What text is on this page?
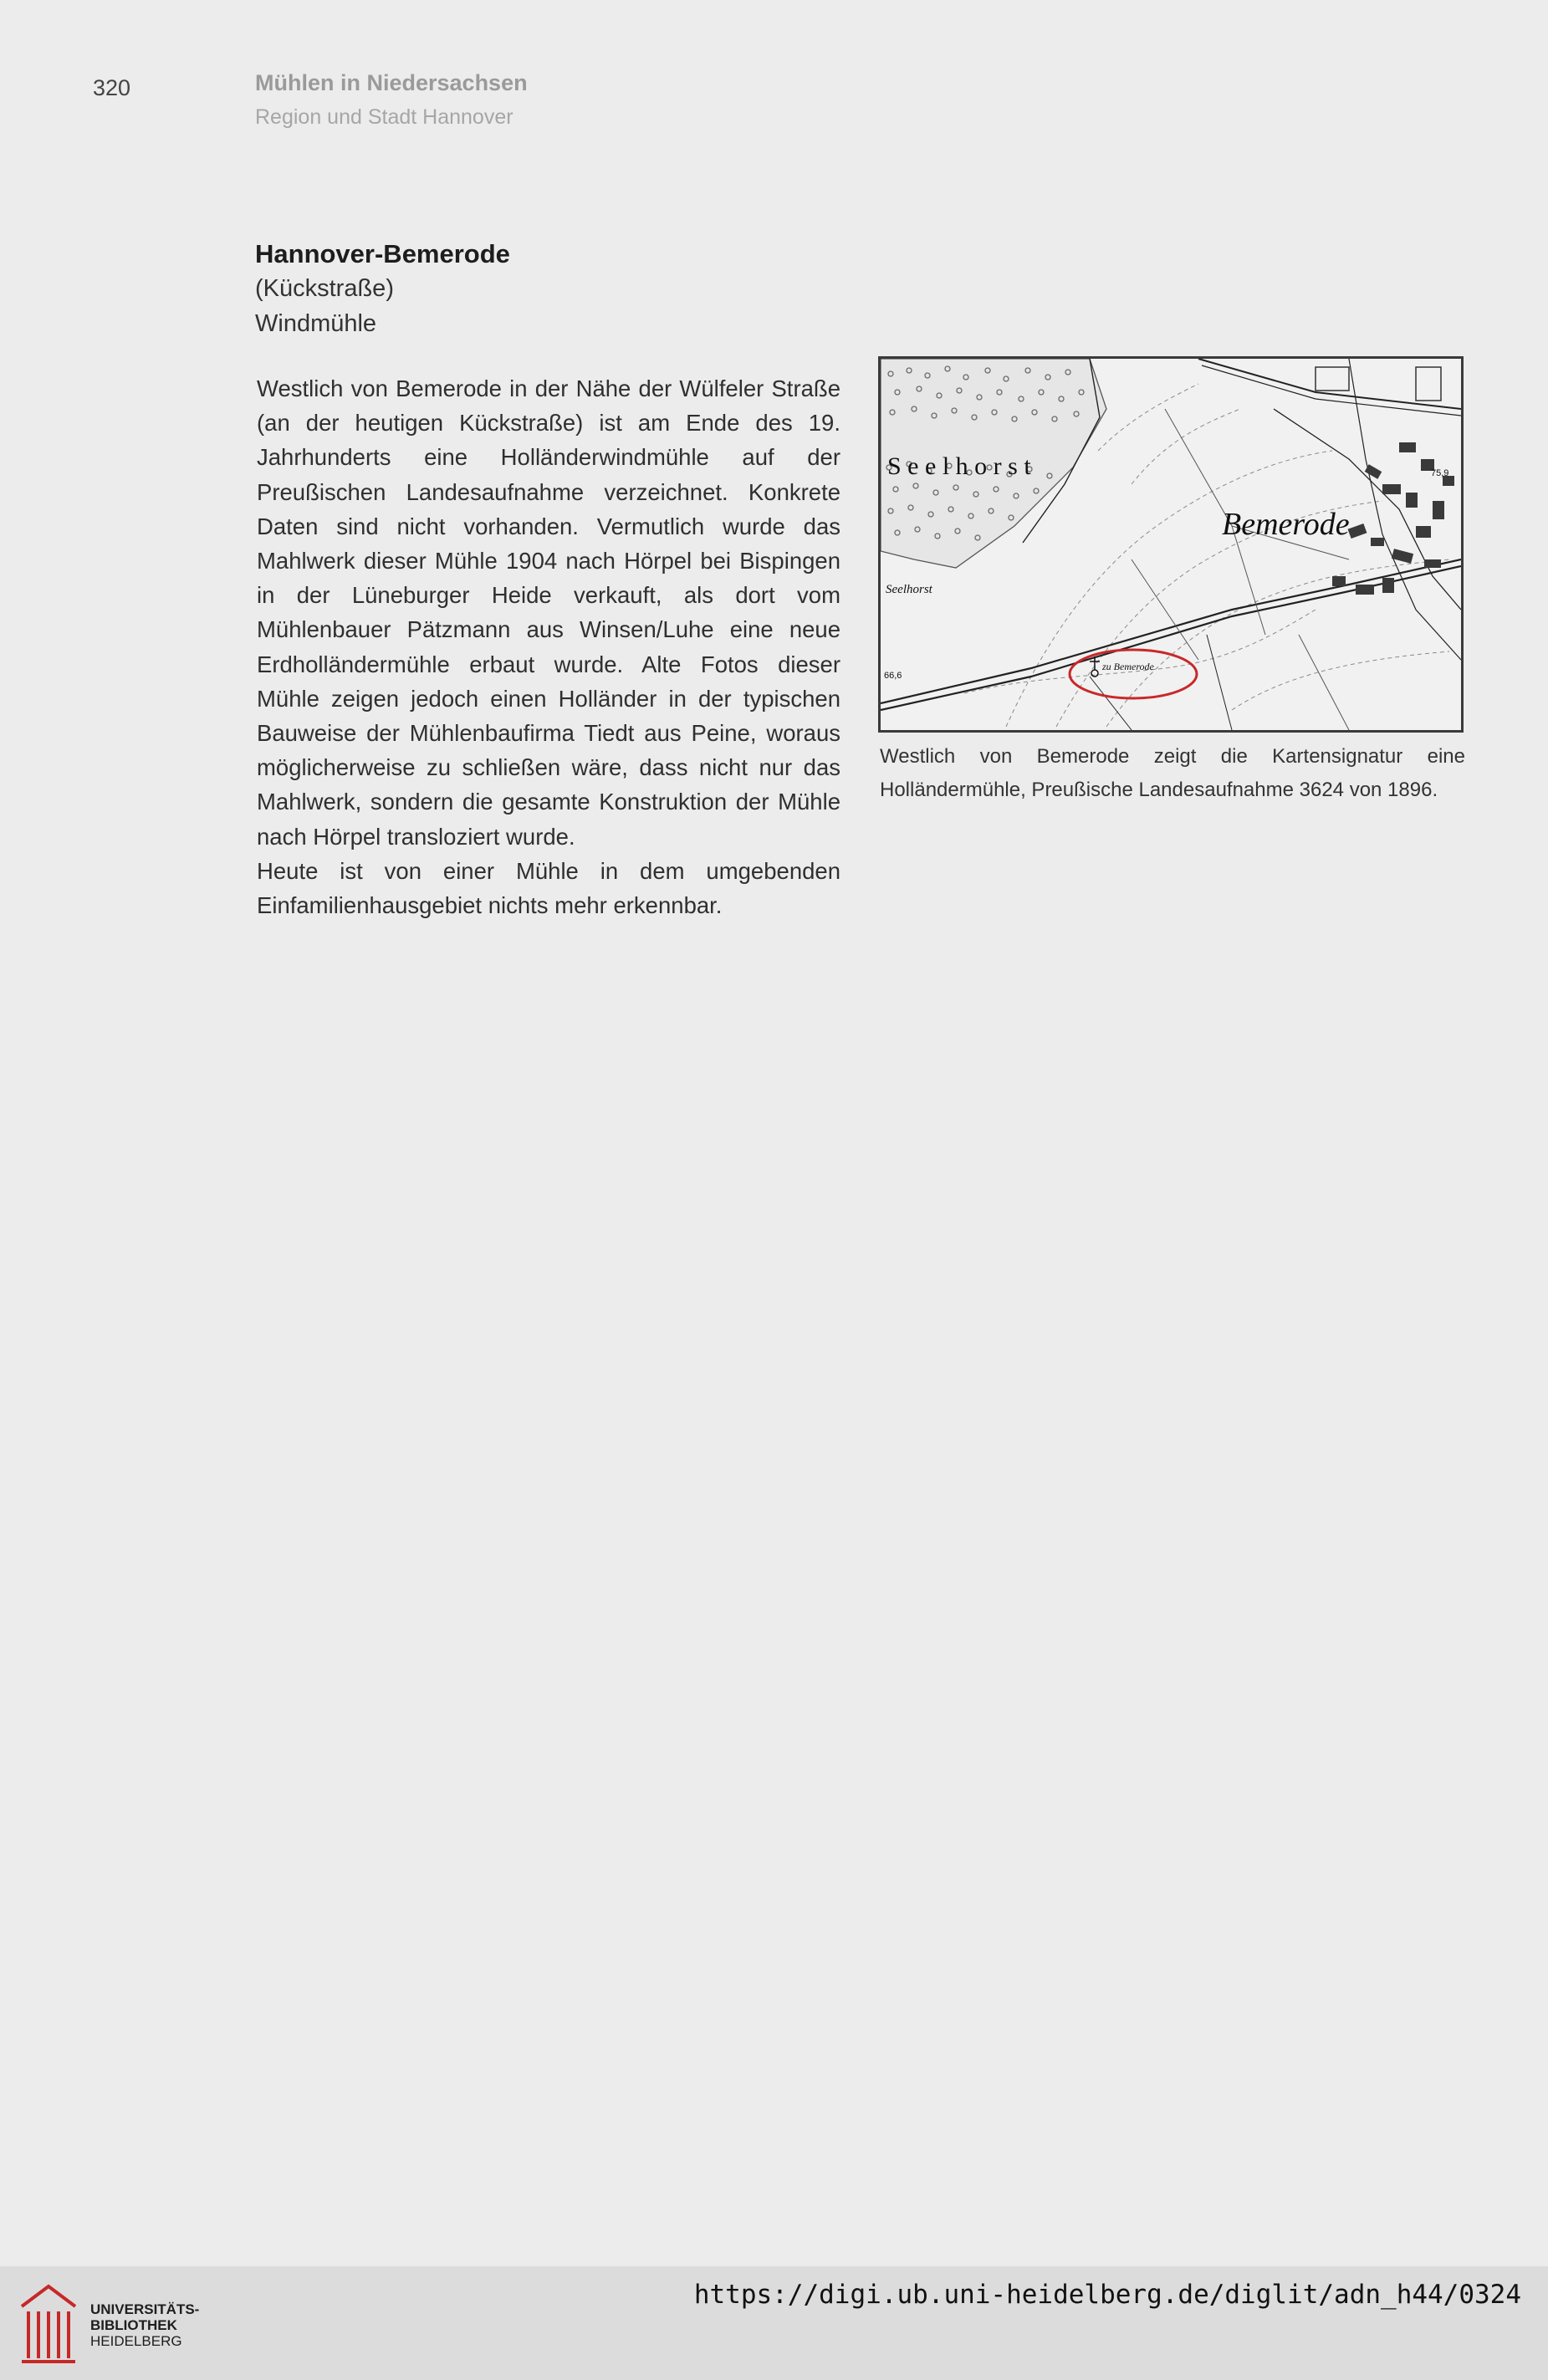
320	Mühlen in Niedersachsen
Region und Stadt Hannover
Hannover-Bemerode
(Kückstraße)
Windmühle

Westlich von Bemerode in der Nähe der Wülfeler Straße (an der heutigen Kückstraße) ist am Ende des 19. Jahrhunderts eine Holländerwindmühle auf der Preußischen Landesaufnahme verzeichnet. Konkrete Daten sind nicht vorhanden. Vermutlich wurde das Mahlwerk dieser Mühle 1904 nach Hörpel bei Bispingen in der Lüneburger Heide verkauft, als dort vom Mühlenbauer Pätzmann aus Winsen/Luhe eine neue Erdholländermühle erbaut wurde. Alte Fotos dieser Mühle zeigen jedoch einen Holländer in der typischen Bauweise der Mühlenbaufirma Tiedt aus Peine, woraus möglicherweise zu schließen wäre, dass nicht nur das Mahlwerk, sondern die gesamte Konstruktion der Mühle nach Hörpel transloziert wurde.

Heute ist von einer Mühle in dem umgebenden Einfamilienhausgebiet nichts mehr erkennbar.

S e e l h o r s t
Bemerode
Seelhorst
zu Bemerode
75,9
66,6
Westlich von Bemerode zeigt die Kartensignatur eine Holländermühle, Preußische Landesaufnahme 3624 von 1896.
UNIVERSITÄTS-
BIBLIOTHEK
HEIDELBERG
https://digi.ub.uni-heidelberg.de/diglit/adn_h44/0324
